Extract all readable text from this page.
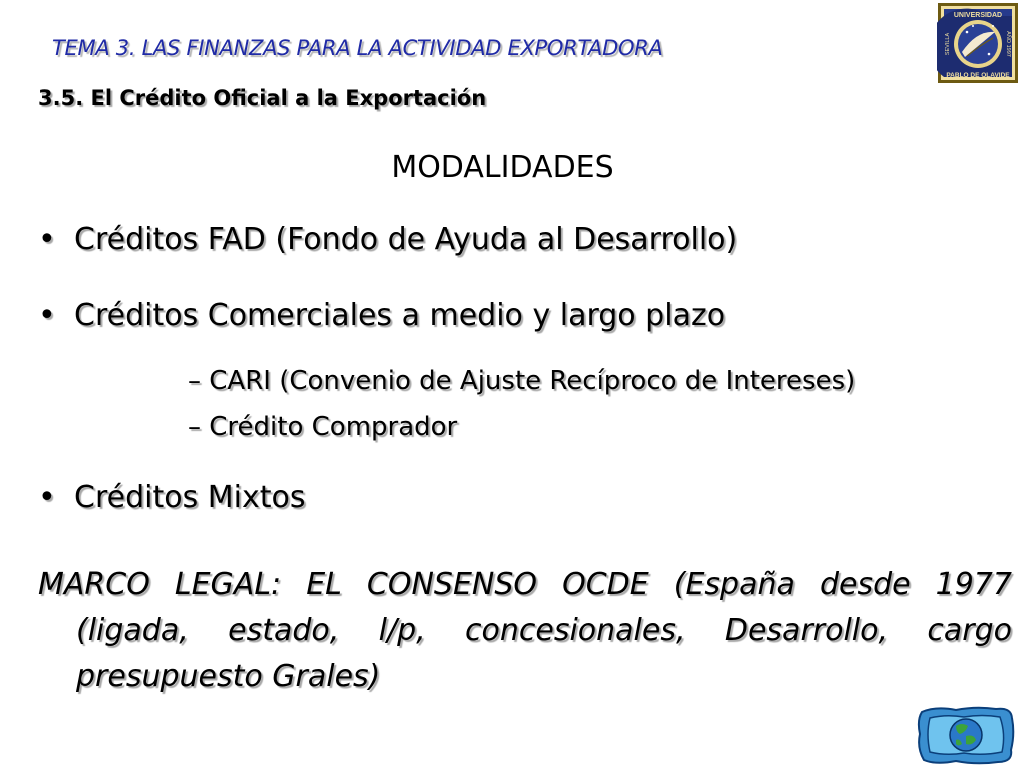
TEMA 3. LAS FINANZAS PARA LA ACTIVIDAD EXPORTADORA
3.5. El Crédito Oficial a la Exportación
UNIVERSIDAD
PABLO DE OLAVIDE
SEVILLA	AÑO 1997
MODALIDADES
• Créditos FAD (Fondo de Ayuda al Desarrollo)
• Créditos Comerciales a medio y largo plazo
– CARI (Convenio de Ajuste Recíproco de Intereses)
– Crédito Comprador
• Créditos Mixtos
MARCO LEGAL: EL CONSENSO OCDE (España desde 1977 (ligada, estado, l/p, concesionales, Desarrollo, cargo presupuesto Grales)
